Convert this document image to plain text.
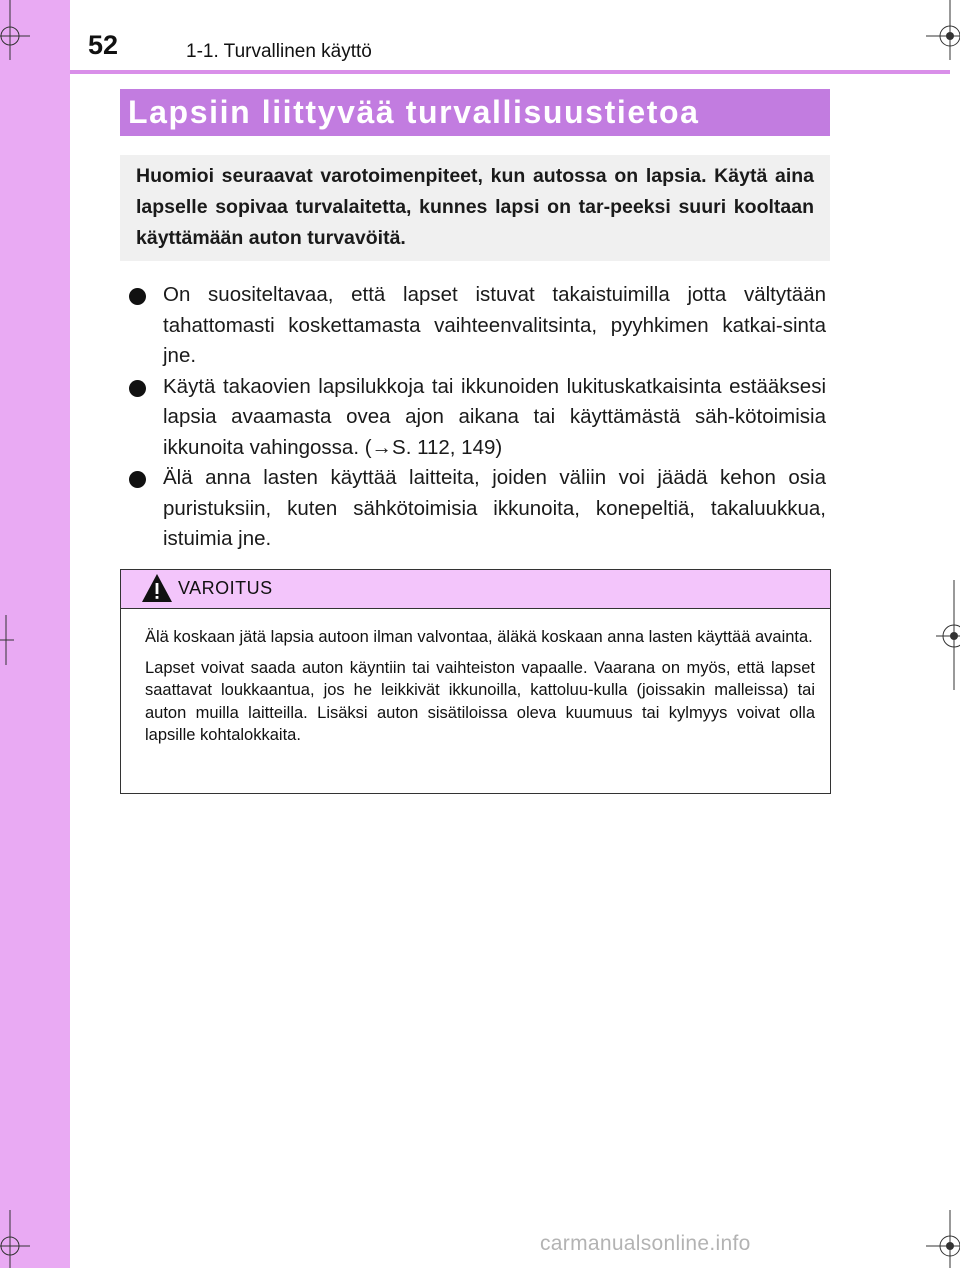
52	1-1. Turvallinen käyttö
Lapsiin liittyvää turvallisuustietoa
Huomioi seuraavat varotoimenpiteet, kun autossa on lapsia. Käytä aina lapselle sopivaa turvalaitetta, kunnes lapsi on tar-peeksi suuri kooltaan käyttämään auton turvavöitä.
On suositeltavaa, että lapset istuvat takaistuimilla jotta vältytään tahattomasti koskettamasta vaihteenvalitsinta, pyyhkimen katkai-sinta jne.
Käytä takaovien lapsilukkoja tai ikkunoiden lukituskatkaisinta estääksesi lapsia avaamasta ovea ajon aikana tai käyttämästä säh-kötoimisia ikkunoita vahingossa. (→S. 112, 149)
Älä anna lasten käyttää laitteita, joiden väliin voi jäädä kehon osia puristuksiin, kuten sähkötoimisia ikkunoita, konepeltiä, takaluukkua, istuimia jne.
VAROITUS

Älä koskaan jätä lapsia autoon ilman valvontaa, äläkä koskaan anna lasten käyttää avainta.

Lapset voivat saada auton käyntiin tai vaihteiston vapaalle. Vaarana on myös, että lapset saattavat loukkaantua, jos he leikkivät ikkunoilla, kattoluu-kulla (joissakin malleissa) tai auton muilla laitteilla. Lisäksi auton sisätiloissa oleva kuumuus tai kylmyys voivat olla lapsille kohtalokkaita.

carmanualsonline.info
